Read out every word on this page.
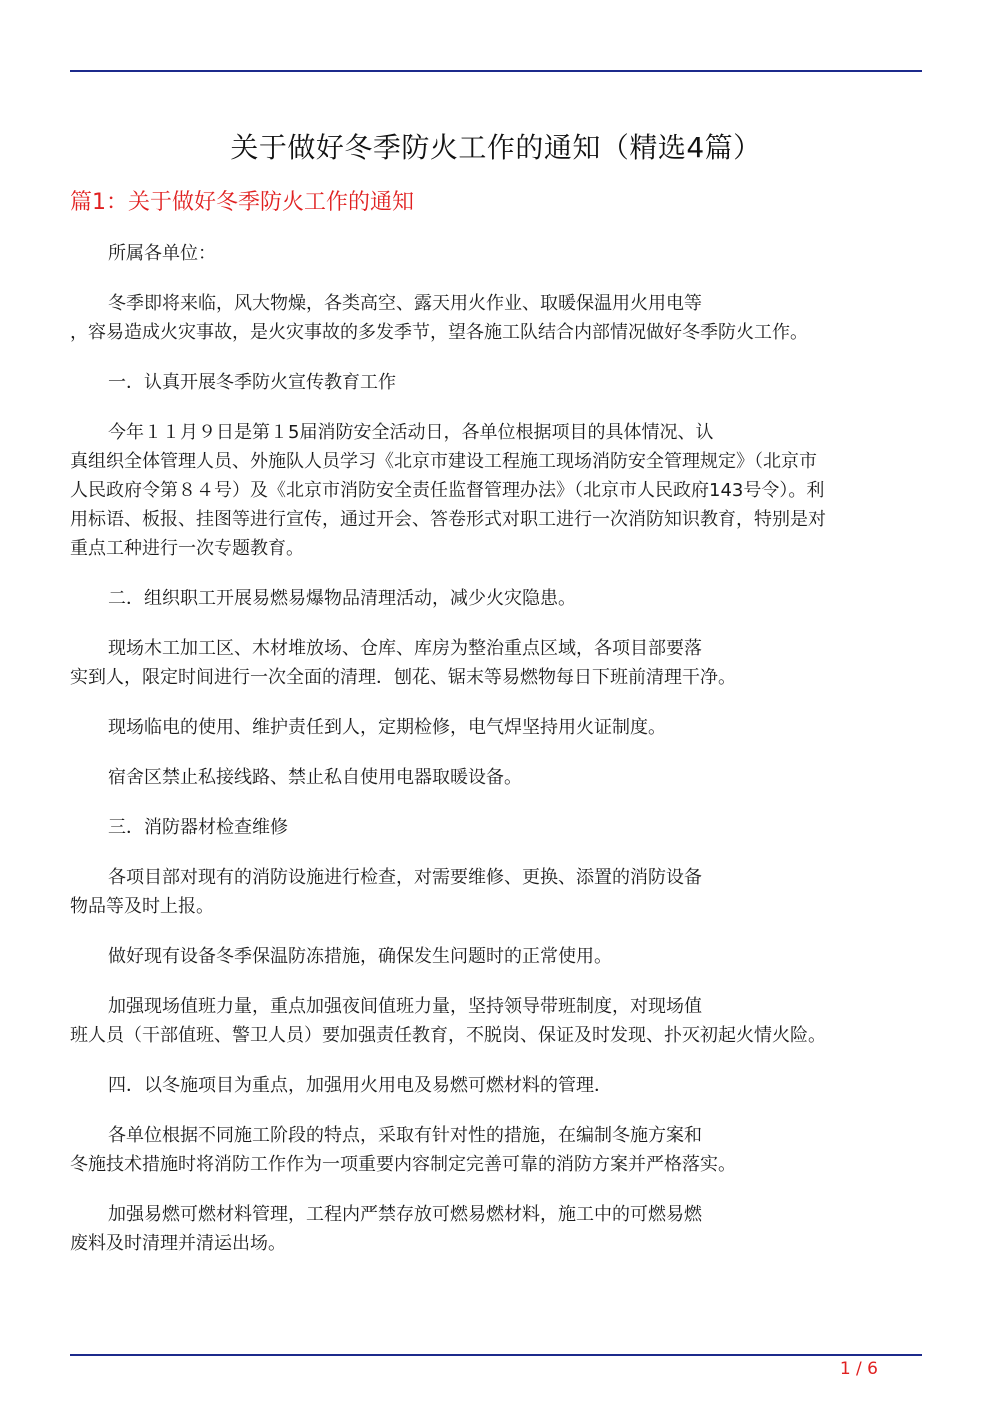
关于做好冬季防火工作的通知（精选4篇）
篇1：关于做好冬季防火工作的通知

所属各单位：

冬季即将来临，风大物燥，各类高空、露天用火作业、取暖保温用火用电等
，容易造成火灾事故，是火灾事故的多发季节，望各施工队结合内部情况做好冬季防火工作。

一．认真开展冬季防火宣传教育工作

今年１１月９日是第１5届消防安全活动日，各单位根据项目的具体情况、认
真组织全体管理人员、外施队人员学习《北京市建设工程施工现场消防安全管理规定》（北京市
人民政府令第８４号）及《北京市消防安全责任监督管理办法》（北京市人民政府143号令）。利
用标语、板报、挂图等进行宣传，通过开会、答卷形式对职工进行一次消防知识教育，特别是对
重点工种进行一次专题教育。

二．组织职工开展易燃易爆物品清理活动，减少火灾隐患。

现场木工加工区、木材堆放场、仓库、库房为整治重点区域，各项目部要落
实到人，限定时间进行一次全面的清理．刨花、锯末等易燃物每日下班前清理干净。

现场临电的使用、维护责任到人，定期检修，电气焊坚持用火证制度。

宿舍区禁止私接线路、禁止私自使用电器取暖设备。

三．消防器材检查维修

各项目部对现有的消防设施进行检查，对需要维修、更换、添置的消防设备
物品等及时上报。

做好现有设备冬季保温防冻措施，确保发生问题时的正常使用。

加强现场值班力量，重点加强夜间值班力量，坚持领导带班制度，对现场值
班人员（干部值班、警卫人员）要加强责任教育，不脱岗、保证及时发现、扑灭初起火情火险。

四．以冬施项目为重点，加强用火用电及易燃可燃材料的管理．

各单位根据不同施工阶段的特点，采取有针对性的措施，在编制冬施方案和
冬施技术措施时将消防工作作为一项重要内容制定完善可靠的消防方案并严格落实。

加强易燃可燃材料管理，工程内严禁存放可燃易燃材料，施工中的可燃易燃
废料及时清理并清运出场。

1 / 6
